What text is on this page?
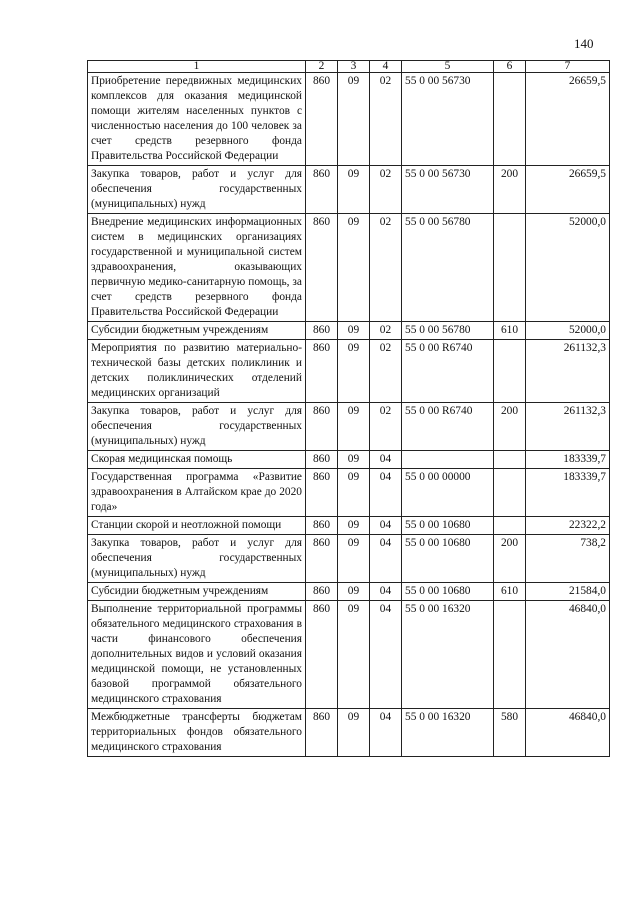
140
1	2	3	4	5	6	7
Приобретение передвижных медицинских комплексов для оказания медицинской помощи жителям населенных пунктов с численностью населения до 100 человек за счет средств резервного фонда Правительства Российской Федерации	860	09	02	55 0 00 56730		26659,5
Закупка товаров, работ и услуг для обеспечения государственных (муниципальных) нужд	860	09	02	55 0 00 56730	200	26659,5
Внедрение медицинских информационных систем в медицинских организациях государственной и муниципальной систем здравоохранения, оказывающих первичную медико-санитарную помощь, за счет средств резервного фонда Правительства Российской Федерации	860	09	02	55 0 00 56780		52000,0
Субсидии бюджетным учреждениям	860	09	02	55 0 00 56780	610	52000,0
Мероприятия по развитию материально-технической базы детских поликлиник и детских поликлинических отделений медицинских организаций	860	09	02	55 0 00 R6740		261132,3
Закупка товаров, работ и услуг для обеспечения государственных (муниципальных) нужд	860	09	02	55 0 00 R6740	200	261132,3
Скорая медицинская помощь	860	09	04			183339,7
Государственная программа «Развитие здравоохранения в Алтайском крае до 2020 года»	860	09	04	55 0 00 00000		183339,7
Станции скорой и неотложной помощи	860	09	04	55 0 00 10680		22322,2
Закупка товаров, работ и услуг для обеспечения государственных (муниципальных) нужд	860	09	04	55 0 00 10680	200	738,2
Субсидии бюджетным учреждениям	860	09	04	55 0 00 10680	610	21584,0
Выполнение территориальной программы обязательного медицинского страхования в части финансового обеспечения дополнительных видов и условий оказания медицинской помощи, не установленных базовой программой обязательного медицинского страхования	860	09	04	55 0 00 16320		46840,0
Межбюджетные трансферты бюджетам территориальных фондов обязательного медицинского страхования	860	09	04	55 0 00 16320	580	46840,0
